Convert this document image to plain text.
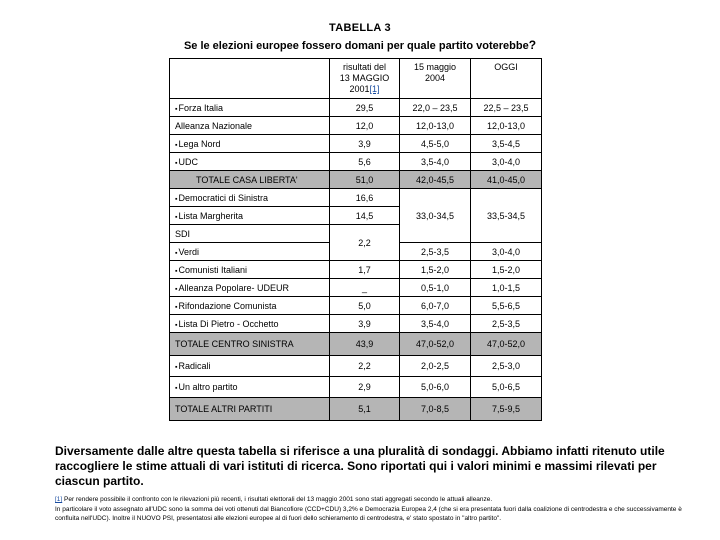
TABELLA 3
Se le elezioni europee fossero domani per quale partito voterebbe?
	risultati del
13 MAGGIO
2001[1]	15 maggio
2004	OGGI
▪Forza Italia	29,5	22,0 – 23,5	22,5 – 23,5
Alleanza Nazionale	12,0	12,0-13,0	12,0-13,0
▪Lega Nord	3,9	4,5-5,0	3,5-4,5
▪UDC	5,6	3,5-4,0	3,0-4,0
TOTALE CASA LIBERTA'	51,0	42,0-45,5	41,0-45,0
▪Democratici di Sinistra	16,6	33,0-34,5	33,5-34,5
▪Lista Margherita	14,5		
SDI	2,2		
▪Verdi		2,5-3,5	3,0-4,0
▪Comunisti Italiani	1,7	1,5-2,0	1,5-2,0
▪Alleanza Popolare- UDEUR	_	0,5-1,0	1,0-1,5
▪Rifondazione Comunista	5,0	6,0-7,0	5,5-6,5
▪Lista Di Pietro - Occhetto	3,9	3,5-4,0	2,5-3,5
TOTALE CENTRO SINISTRA	43,9	47,0-52,0	47,0-52,0
▪Radicali	2,2	2,0-2,5	2,5-3,0
▪Un altro partito	2,9	5,0-6,0	5,0-6,5
TOTALE ALTRI PARTITI	5,1	7,0-8,5	7,5-9,5
Diversamente dalle altre questa tabella si riferisce a una pluralità di sondaggi. Abbiamo infatti ritenuto utile raccogliere le stime attuali di vari istituti di ricerca. Sono riportati qui i valori minimi e massimi rilevati per ciascun partito.
[1] Per rendere possibile il confronto con le rilevazioni più recenti, i risultati elettorali del 13 maggio 2001 sono stati aggregati secondo le attuali alleanze.
In particolare il voto assegnato all'UDC sono la somma dei voti ottenuti dal Biancofiore (CCD+CDU) 3,2% e Democrazia Europea 2,4 (che si era presentata fuori dalla coalizione di centrodestra e che successivamente è confluita nell'UDC). Inoltre il NUOVO PSI, presentatosi alle elezioni europee al di fuori dello schieramento di centrodestra, e' stato spostato in "altro partito".
